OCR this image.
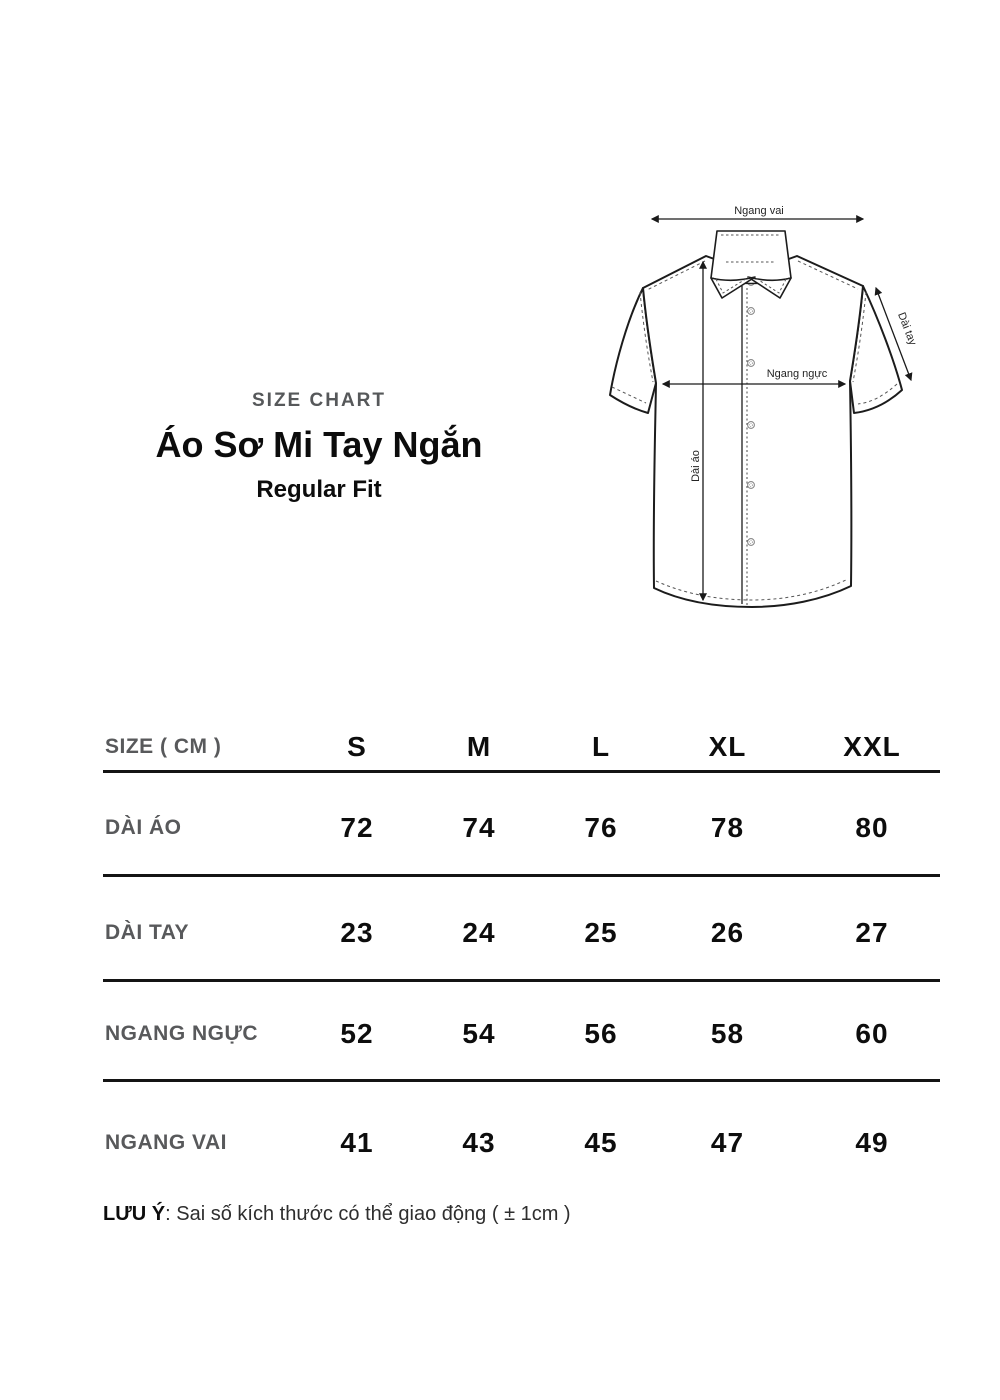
SIZE CHART
Áo Sơ Mi Tay Ngắn
Regular Fit
Ngang vai
Ngang ngực
Dài áo
Dài tay
SIZE ( CM )	S	M	L	XL	XXL
DÀI ÁO	72	74	76	78	80
DÀI TAY	23	24	25	26	27
NGANG NGỰC	52	54	56	58	60
NGANG VAI	41	43	45	47	49

LƯU Ý: Sai số kích thước có thể giao động ( ± 1cm )
